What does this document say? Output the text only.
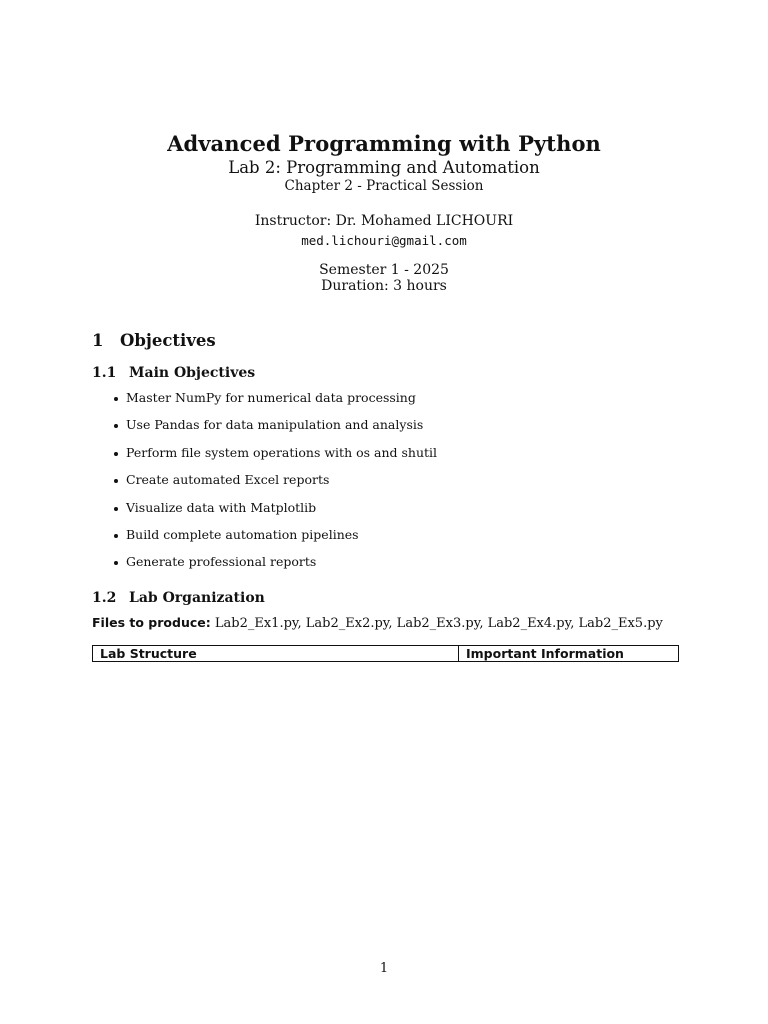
Advanced Programming with Python
Lab 2: Programming and Automation
Chapter 2 - Practical Session
Instructor: Dr. Mohamed LICHOURI
med.lichouri@gmail.com
Semester 1 - 2025
Duration: 3 hours
1 Objectives
1.1 Main Objectives
Master NumPy for numerical data processing
Use Pandas for data manipulation and analysis
Perform file system operations with os and shutil
Create automated Excel reports
Visualize data with Matplotlib
Build complete automation pipelines
Generate professional reports
1.2 Lab Organization
Files to produce: Lab2_Ex1.py, Lab2_Ex2.py, Lab2_Ex3.py, Lab2_Ex4.py, Lab2_Ex5.py
Lab Structure	Important Information
1
